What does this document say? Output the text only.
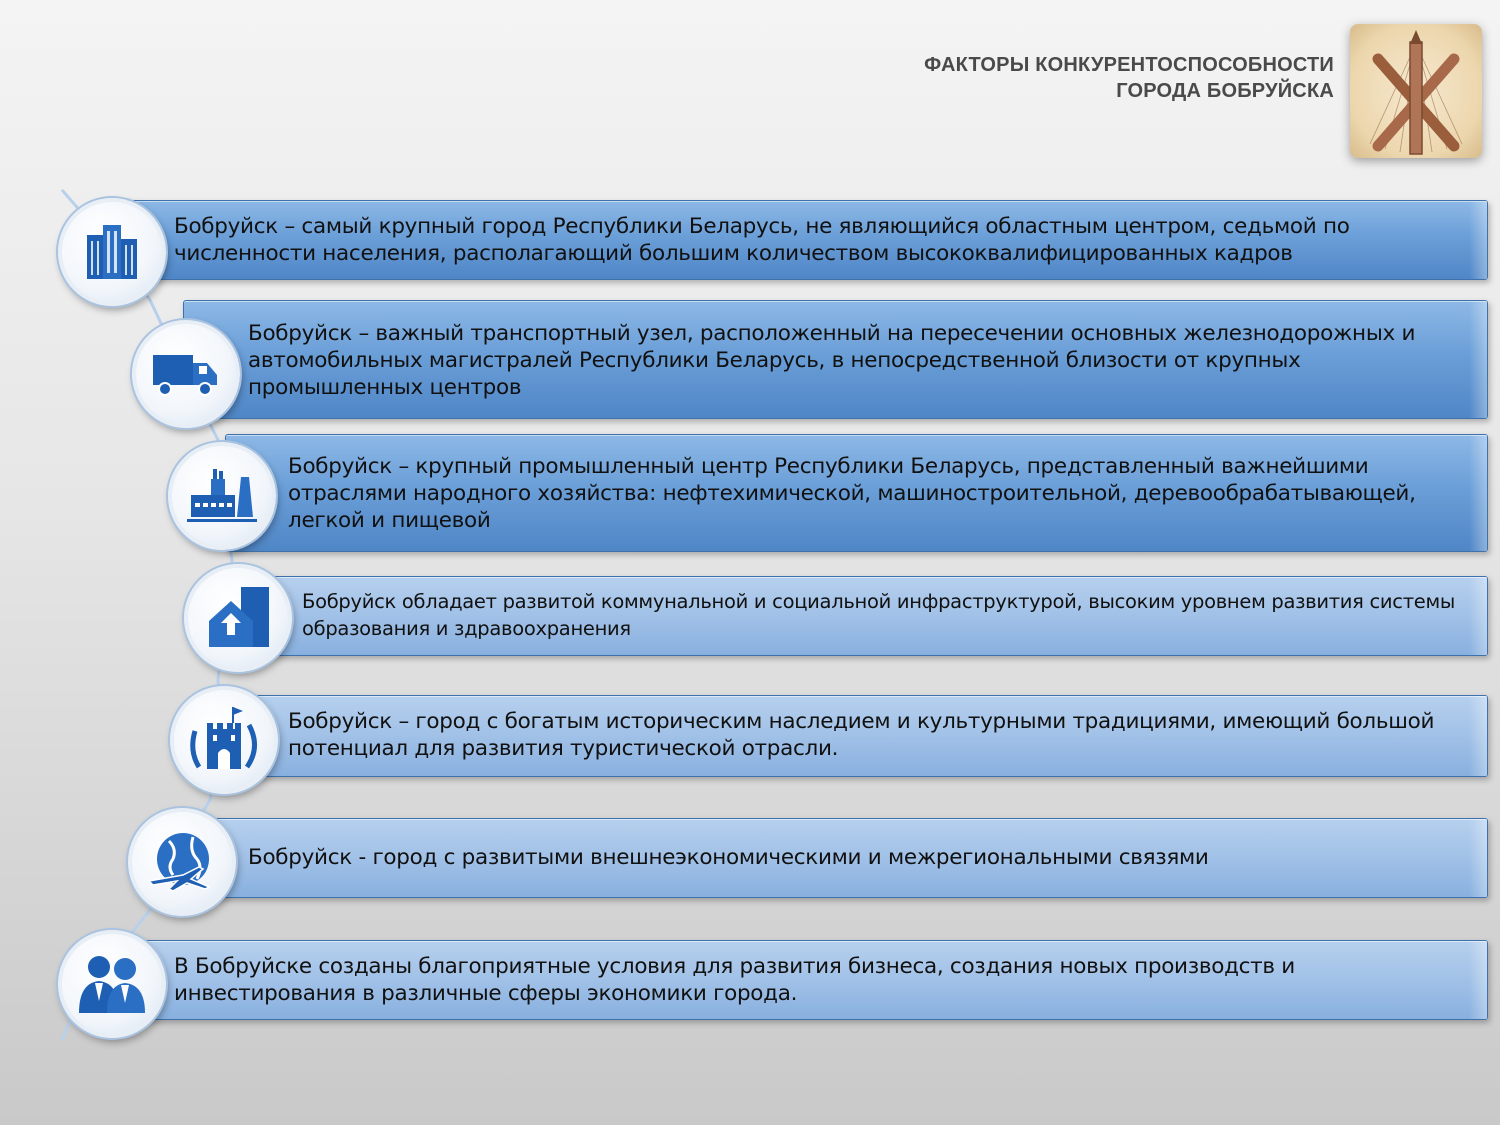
ФАКТОРЫ КОНКУРЕНТОСПОСОБНОСТИ
ГОРОДА БОБРУЙСКА
Бобруйск – самый крупный город Республики Беларусь, не являющийся областным центром, седьмой по численности населения, располагающий большим количеством высококвалифицированных кадров
Бобруйск – важный транспортный узел, расположенный на пересечении основных железнодорожных и автомобильных магистралей Республики Беларусь, в непосредственной близости от крупных промышленных центров
Бобруйск – крупный промышленный центр Республики Беларусь, представленный важнейшими отраслями народного хозяйства: нефтехимической, машиностроительной, деревообрабатывающей, легкой и пищевой
Бобруйск обладает развитой коммунальной и социальной инфраструктурой, высоким уровнем развития системы образования и здравоохранения
Бобруйск – город с богатым историческим наследием и культурными традициями, имеющий большой потенциал для развития туристической отрасли.
Бобруйск - город с развитыми внешнеэкономическими и межрегиональными связями
В Бобруйске созданы благоприятные условия для развития бизнеса, создания новых производств и инвестирования в различные сферы экономики города.
